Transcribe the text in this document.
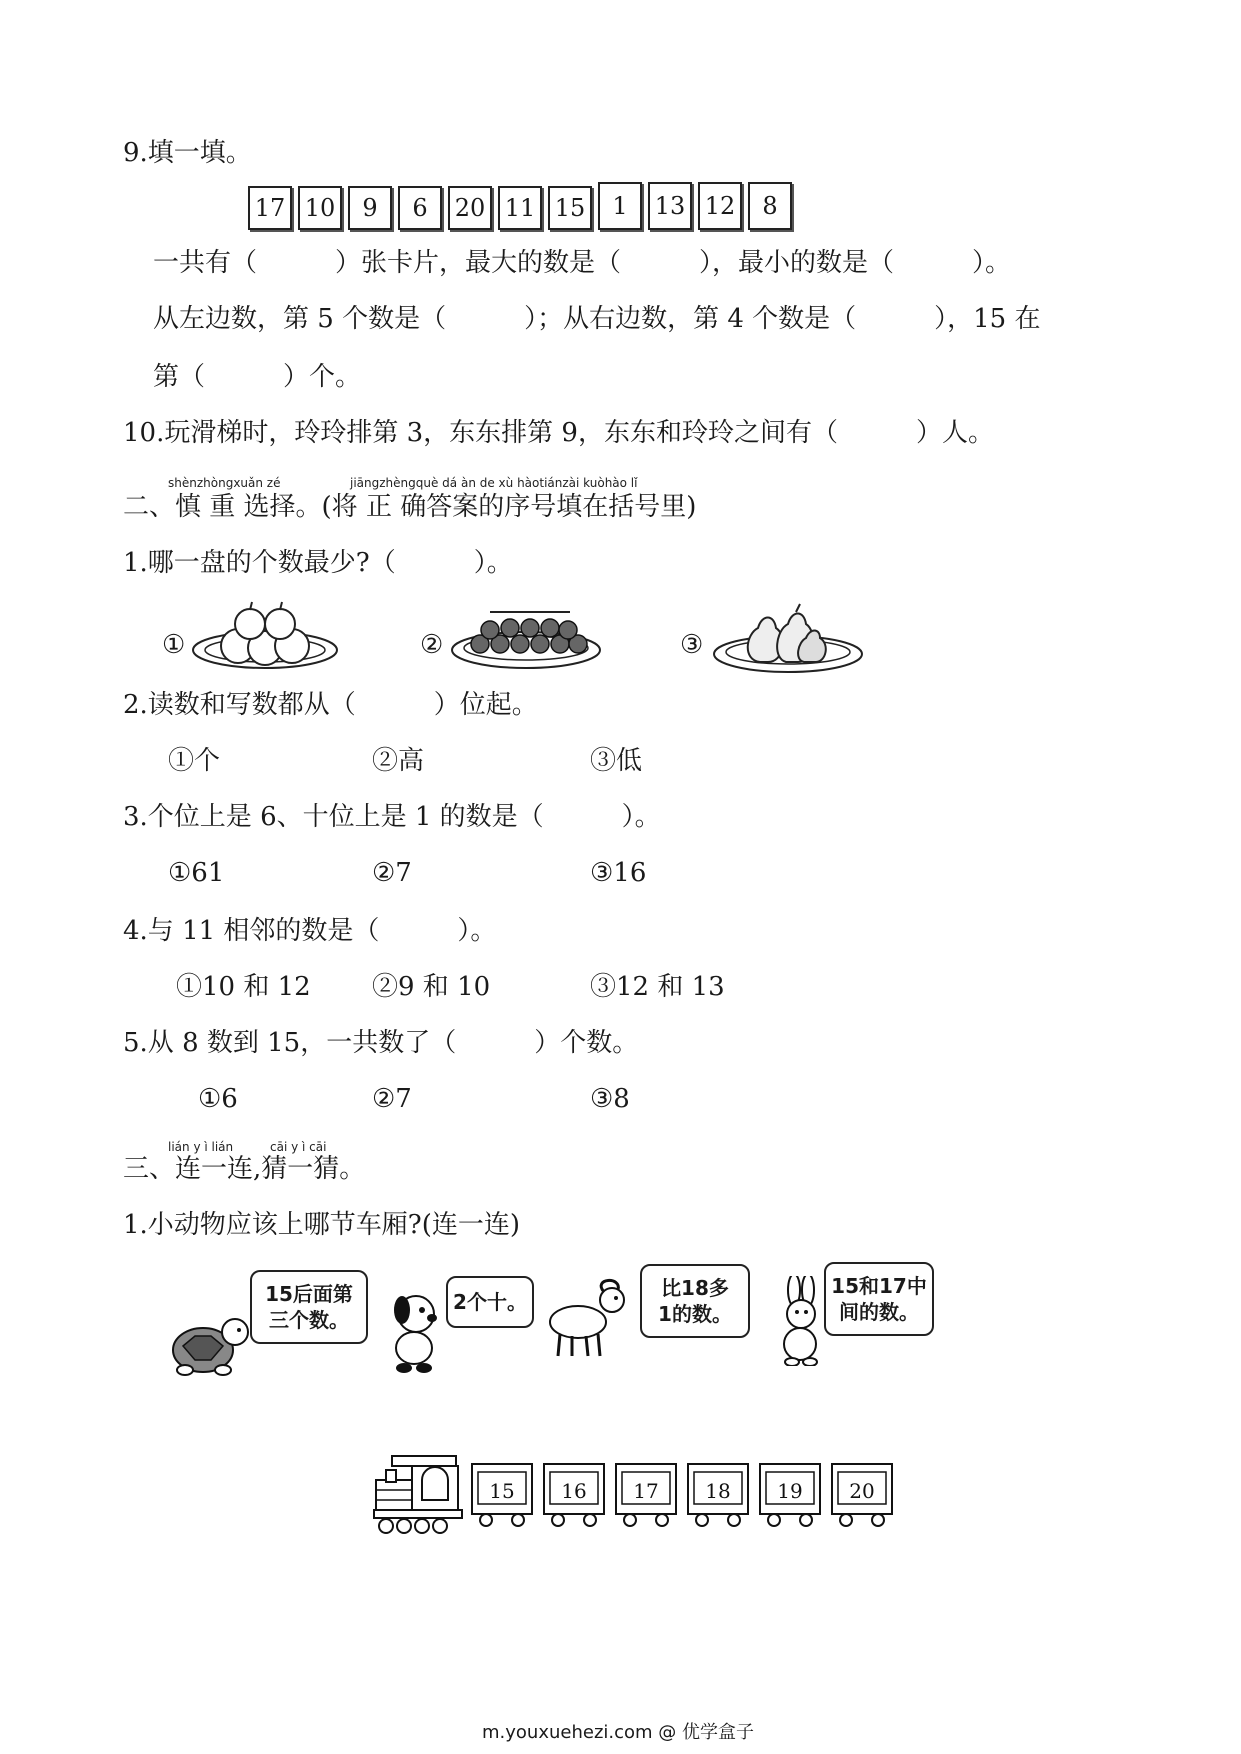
9.填一填。
17 10	9	6	20 11 15	1	13 12	8
一共有（　　　）张卡片，最大的数是（　　　），最小的数是（　　　）。
从左边数，第 5 个数是（　　　）；从右边数，第 4 个数是（　　　），15 在
第（　　　）个。
10.玩滑梯时，玲玲排第 3，东东排第 9，东东和玲玲之间有（　　　）人。
shènzhòngxuǎn zé	jiāngzhèngquè dá àn de xù hàotiánzài kuòhào lǐ
二、慎 重 选择。(将 正 确答案的序号填在括号里)
1.哪一盘的个数最少?（　　　）。
①	②	③
2.读数和写数都从（　　　）位起。
①个	②高	③低
3.个位上是 6、十位上是 1 的数是（　　　）。
①61	②7	③16
4.与 11 相邻的数是（　　　）。
①10 和 12 ②9 和 10	③12 和 13
5.从 8 数到 15，一共数了（　　　）个数。
①6	②7	③8
lián y ì lián	cāi y ì cāi
三、连一连,猜一猜。
1.小动物应该上哪节车厢?(连一连)
15后面第
三个数。
2个十。
比18多
1的数。
15和17中
间的数。
15 16 17 18 19 20
m.youxuehezi.com @ 优学盒子
